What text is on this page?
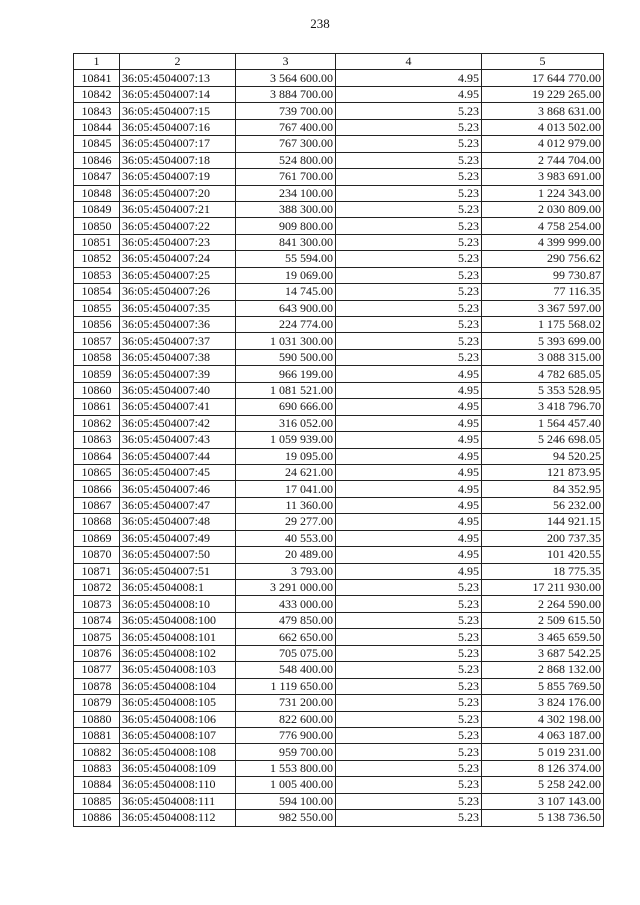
238
1	2	3	4	5
10841	36:05:4504007:13	3 564 600.00	4.95	17 644 770.00
10842	36:05:4504007:14	3 884 700.00	4.95	19 229 265.00
10843	36:05:4504007:15	739 700.00	5.23	3 868 631.00
10844	36:05:4504007:16	767 400.00	5.23	4 013 502.00
10845	36:05:4504007:17	767 300.00	5.23	4 012 979.00
10846	36:05:4504007:18	524 800.00	5.23	2 744 704.00
10847	36:05:4504007:19	761 700.00	5.23	3 983 691.00
10848	36:05:4504007:20	234 100.00	5.23	1 224 343.00
10849	36:05:4504007:21	388 300.00	5.23	2 030 809.00
10850	36:05:4504007:22	909 800.00	5.23	4 758 254.00
10851	36:05:4504007:23	841 300.00	5.23	4 399 999.00
10852	36:05:4504007:24	55 594.00	5.23	290 756.62
10853	36:05:4504007:25	19 069.00	5.23	99 730.87
10854	36:05:4504007:26	14 745.00	5.23	77 116.35
10855	36:05:4504007:35	643 900.00	5.23	3 367 597.00
10856	36:05:4504007:36	224 774.00	5.23	1 175 568.02
10857	36:05:4504007:37	1 031 300.00	5.23	5 393 699.00
10858	36:05:4504007:38	590 500.00	5.23	3 088 315.00
10859	36:05:4504007:39	966 199.00	4.95	4 782 685.05
10860	36:05:4504007:40	1 081 521.00	4.95	5 353 528.95
10861	36:05:4504007:41	690 666.00	4.95	3 418 796.70
10862	36:05:4504007:42	316 052.00	4.95	1 564 457.40
10863	36:05:4504007:43	1 059 939.00	4.95	5 246 698.05
10864	36:05:4504007:44	19 095.00	4.95	94 520.25
10865	36:05:4504007:45	24 621.00	4.95	121 873.95
10866	36:05:4504007:46	17 041.00	4.95	84 352.95
10867	36:05:4504007:47	11 360.00	4.95	56 232.00
10868	36:05:4504007:48	29 277.00	4.95	144 921.15
10869	36:05:4504007:49	40 553.00	4.95	200 737.35
10870	36:05:4504007:50	20 489.00	4.95	101 420.55
10871	36:05:4504007:51	3 793.00	4.95	18 775.35
10872	36:05:4504008:1	3 291 000.00	5.23	17 211 930.00
10873	36:05:4504008:10	433 000.00	5.23	2 264 590.00
10874	36:05:4504008:100	479 850.00	5.23	2 509 615.50
10875	36:05:4504008:101	662 650.00	5.23	3 465 659.50
10876	36:05:4504008:102	705 075.00	5.23	3 687 542.25
10877	36:05:4504008:103	548 400.00	5.23	2 868 132.00
10878	36:05:4504008:104	1 119 650.00	5.23	5 855 769.50
10879	36:05:4504008:105	731 200.00	5.23	3 824 176.00
10880	36:05:4504008:106	822 600.00	5.23	4 302 198.00
10881	36:05:4504008:107	776 900.00	5.23	4 063 187.00
10882	36:05:4504008:108	959 700.00	5.23	5 019 231.00
10883	36:05:4504008:109	1 553 800.00	5.23	8 126 374.00
10884	36:05:4504008:110	1 005 400.00	5.23	5 258 242.00
10885	36:05:4504008:111	594 100.00	5.23	3 107 143.00
10886	36:05:4504008:112	982 550.00	5.23	5 138 736.50
